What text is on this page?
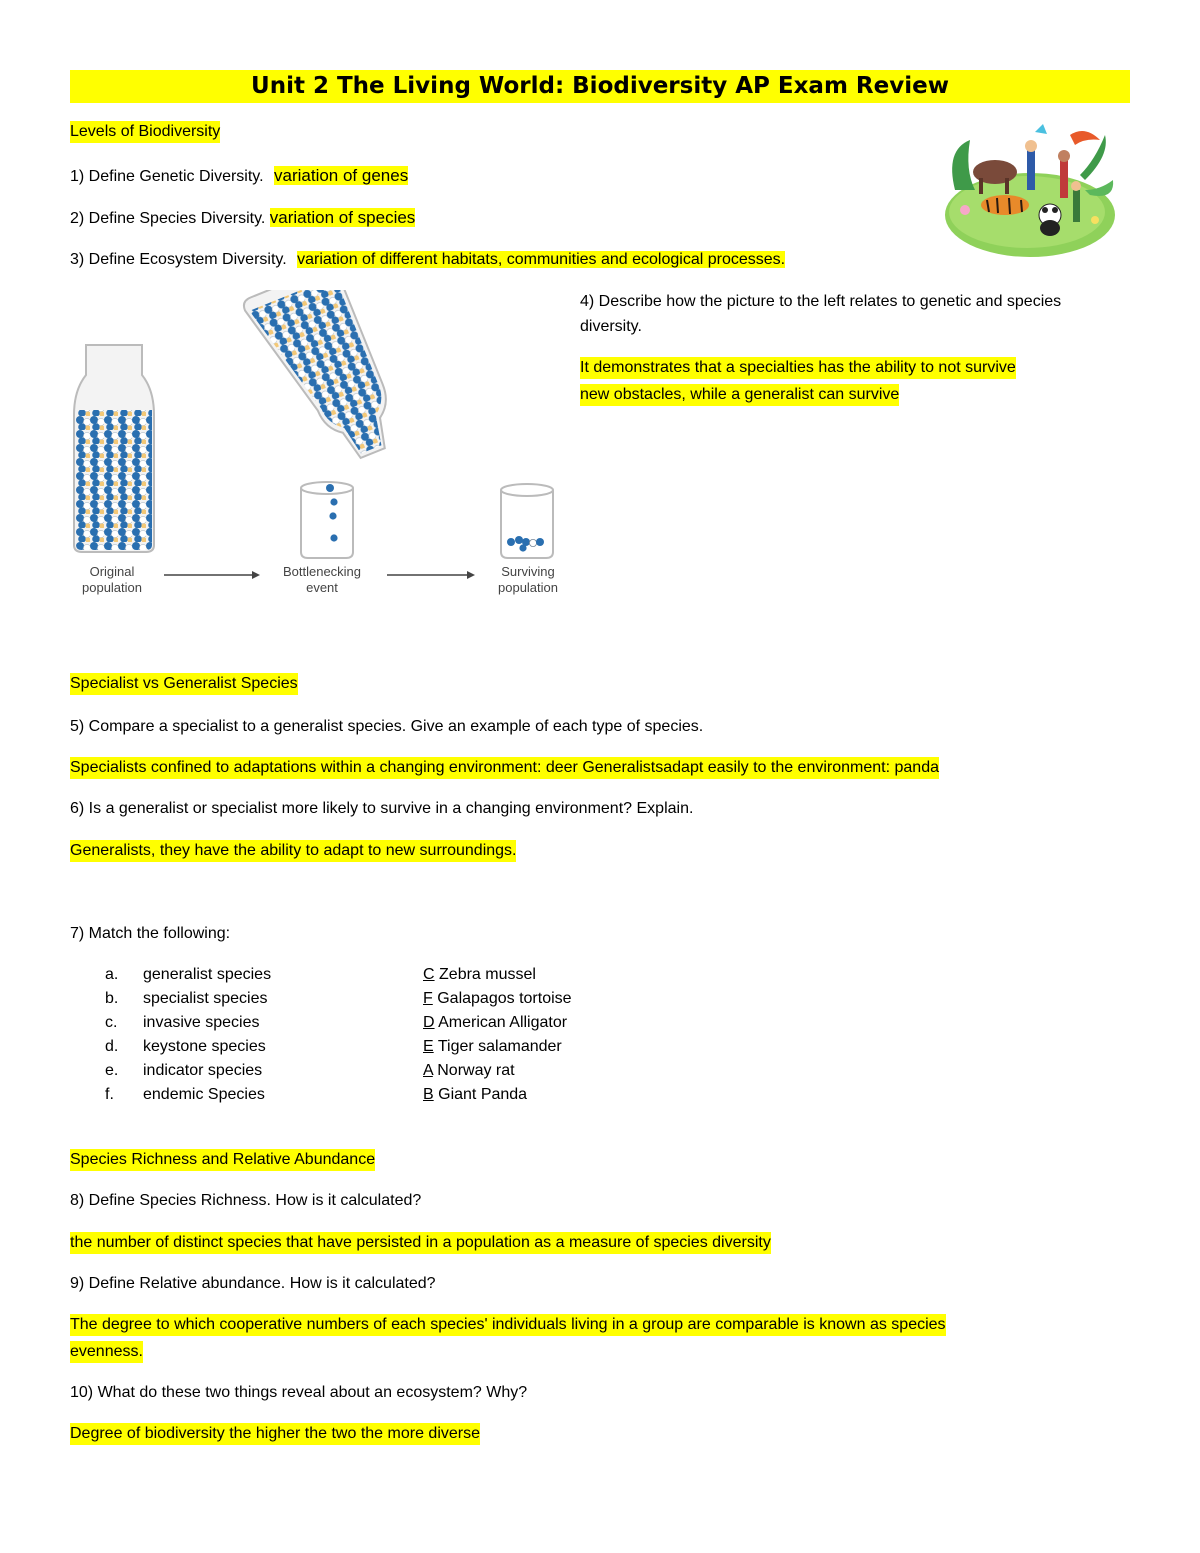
Unit 2 The Living World: Biodiversity AP Exam Review
Levels of Biodiversity
1) Define Genetic Diversity. variation of genes
2) Define Species Diversity. variation of species
3) Define Ecosystem Diversity. variation of different habitats, communities and ecological processes.
Original
population
Bottlenecking
event
Surviving
population
4) Describe how the picture to the left relates to genetic and species
diversity.
It demonstrates that a specialties has the ability to not survive
new obstacles, while a generalist can survive
Specialist vs Generalist Species
5) Compare a specialist to a generalist species. Give an example of each type of species.
Specialists confined to adaptations within a changing environment: deer Generalistsadapt easily to the environment: panda
6) Is a generalist or specialist more likely to survive in a changing environment? Explain.
Generalists, they have the ability to adapt to new surroundings.
7) Match the following:
a. generalist species
b. specialist species
c. invasive species
d. keystone species
e. indicator species
f. endemic Species
C Zebra mussel
F Galapagos tortoise
D American Alligator
E Tiger salamander
A Norway rat
B Giant Panda
Species Richness and Relative Abundance
8) Define Species Richness. How is it calculated?
the number of distinct species that have persisted in a population as a measure of species diversity
9) Define Relative abundance. How is it calculated?
The degree to which cooperative numbers of each species' individuals living in a group are comparable is known as species
evenness.
10) What do these two things reveal about an ecosystem? Why?
Degree of biodiversity the higher the two the more diverse
